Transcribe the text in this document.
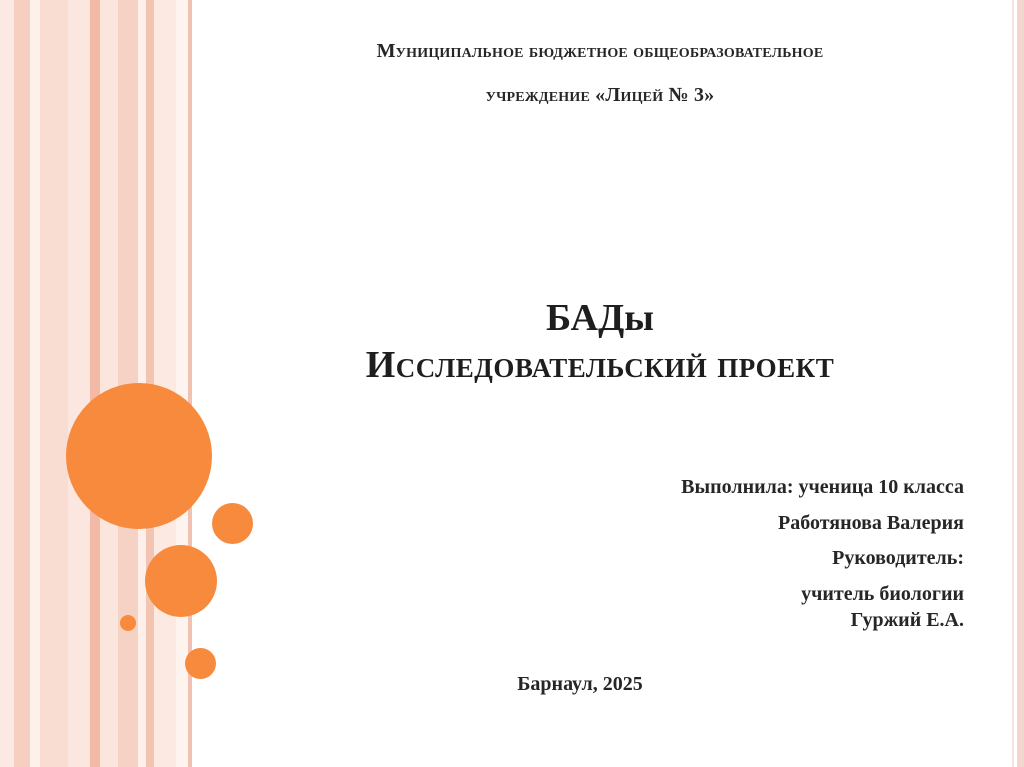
Муниципальное бюджетное общеобразовательное
учреждение «Лицей № 3»
БАДы
Исследовательский проект
Выполнила: ученица 10 класса
Работянова Валерия
Руководитель:
учитель биологии
Гуржий Е.А.
Барнаул, 2025
